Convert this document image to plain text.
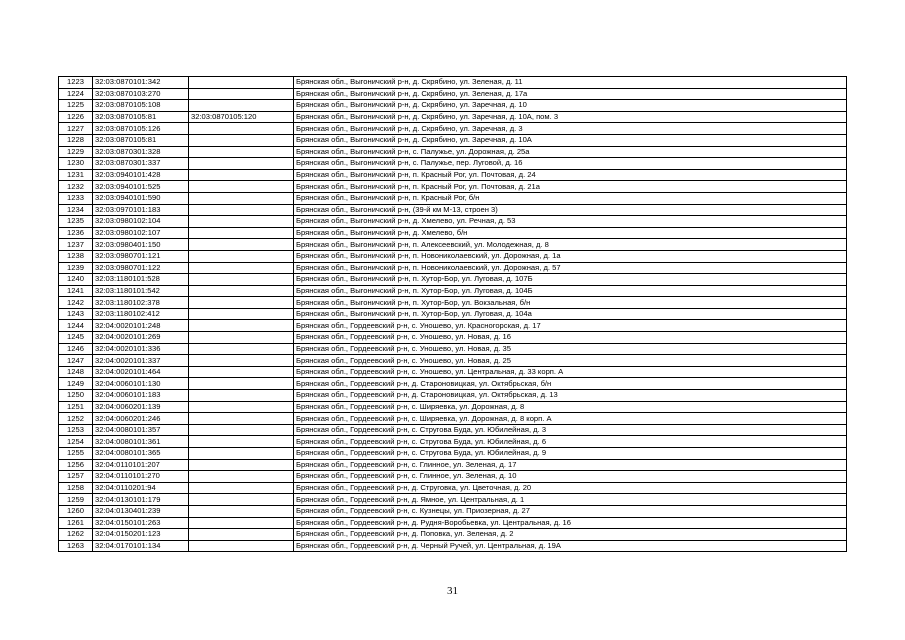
1223	32:03:0870101:342		Брянская обл., Выгоничский р-н, д. Скрябино, ул. Зеленая, д. 11
1224	32:03:0870103:270		Брянская обл., Выгоничский р-н, д. Скрябино, ул. Зеленая, д. 17а
1225	32:03:0870105:108		Брянская обл., Выгоничский р-н, д. Скрябино, ул. Заречная, д. 10
1226	32:03:0870105:81	32:03:0870105:120	Брянская обл., Выгоничский р-н, д. Скрябино, ул. Заречная, д. 10А, пом. 3
1227	32:03:0870105:126		Брянская обл., Выгоничский р-н, д. Скрябино, ул. Заречная, д. 3
1228	32:03:0870105:81		Брянская обл., Выгоничский р-н, д. Скрябино, ул. Заречная, д. 10А
1229	32:03:0870301:328		Брянская обл., Выгоничский р-н, с. Палужье, ул. Дорожная, д. 25а
1230	32:03:0870301:337		Брянская обл., Выгоничский р-н, с. Палужье, пер. Луговой, д. 16
1231	32:03:0940101:428		Брянская обл., Выгоничский р-н, п. Красный Рог, ул. Почтовая, д. 24
1232	32:03:0940101:525		Брянская обл., Выгоничский р-н, п. Красный Рог, ул. Почтовая, д. 21а
1233	32:03:0940101:590		Брянская обл., Выгоничский р-н, п. Красный Рог, б/н
1234	32:03:0970101:183		Брянская обл., Выгоничский р-н, (39-й км М-13, строен 3)
1235	32:03:0980102:104		Брянская обл., Выгоничский р-н, д. Хмелево, ул. Речная, д. 53
1236	32:03:0980102:107		Брянская обл., Выгоничский р-н, д. Хмелево, б/н
1237	32:03:0980401:150		Брянская обл., Выгоничский р-н, п. Алексеевский, ул. Молодежная, д. 8
1238	32:03:0980701:121		Брянская обл., Выгоничский р-н, п. Новониколаевский, ул. Дорожная, д. 1а
1239	32:03:0980701:122		Брянская обл., Выгоничский р-н, п. Новониколаевский, ул. Дорожная, д. 57
1240	32:03:1180101:528		Брянская обл., Выгоничский р-н, п. Хутор-Бор, ул. Луговая, д. 107Б
1241	32:03:1180101:542		Брянская обл., Выгоничский р-н, п. Хутор-Бор, ул. Луговая, д. 104Б
1242	32:03:1180102:378		Брянская обл., Выгоничский р-н, п. Хутор-Бор, ул. Вокзальная, б/н
1243	32:03:1180102:412		Брянская обл., Выгоничский р-н, п. Хутор-Бор, ул. Луговая, д. 104а
1244	32:04:0020101:248		Брянская обл., Гордеевский р-н, с. Уношево, ул. Красногорская, д. 17
1245	32:04:0020101:269		Брянская обл., Гордеевский р-н, с. Уношево, ул. Новая, д. 16
1246	32:04:0020101:336		Брянская обл., Гордеевский р-н, с. Уношево, ул. Новая, д. 35
1247	32:04:0020101:337		Брянская обл., Гордеевский р-н, с. Уношево, ул. Новая, д. 25
1248	32:04:0020101:464		Брянская обл., Гордеевский р-н, с. Уношево, ул. Центральная, д. 33 корп. А
1249	32:04:0060101:130		Брянская обл., Гордеевский р-н, д. Староновицкая, ул. Октябрьская, б/н
1250	32:04:0060101:183		Брянская обл., Гордеевский р-н, д. Староновицкая, ул. Октябрьская, д. 13
1251	32:04:0060201:139		Брянская обл., Гордеевский р-н, с. Ширяевка, ул. Дорожная, д. 8
1252	32:04:0060201:246		Брянская обл., Гордеевский р-н, с. Ширяевка, ул. Дорожная, д. 8 корп. А
1253	32:04:0080101:357		Брянская обл., Гордеевский р-н, с. Стругова Буда, ул. Юбилейная, д. 3
1254	32:04:0080101:361		Брянская обл., Гордеевский р-н, с. Стругова Буда, ул. Юбилейная, д. 6
1255	32:04:0080101:365		Брянская обл., Гордеевский р-н, с. Стругова Буда, ул. Юбилейная, д. 9
1256	32:04:0110101:207		Брянская обл., Гордеевский р-н, с. Глинное, ул. Зеленая, д. 17
1257	32:04:0110101:270		Брянская обл., Гордеевский р-н, с. Глинное, ул. Зеленая, д. 10
1258	32:04:0110201:94		Брянская обл., Гордеевский р-н, д. Струговка, ул. Цветочная, д. 20
1259	32:04:0130101:179		Брянская обл., Гордеевский р-н, д. Ямное, ул. Центральная, д. 1
1260	32:04:0130401:239		Брянская обл., Гордеевский р-н, с. Кузнецы, ул. Приозерная, д. 27
1261	32:04:0150101:263		Брянская обл., Гордеевский р-н, д. Рудня-Воробьевка, ул. Центральная, д. 16
1262	32:04:0150201:123		Брянская обл., Гордеевский р-н, д. Поповка, ул. Зеленая, д. 2
1263	32:04:0170101:134		Брянская обл., Гордеевский р-н, д. Черный Ручей, ул. Центральная, д. 19А
31
